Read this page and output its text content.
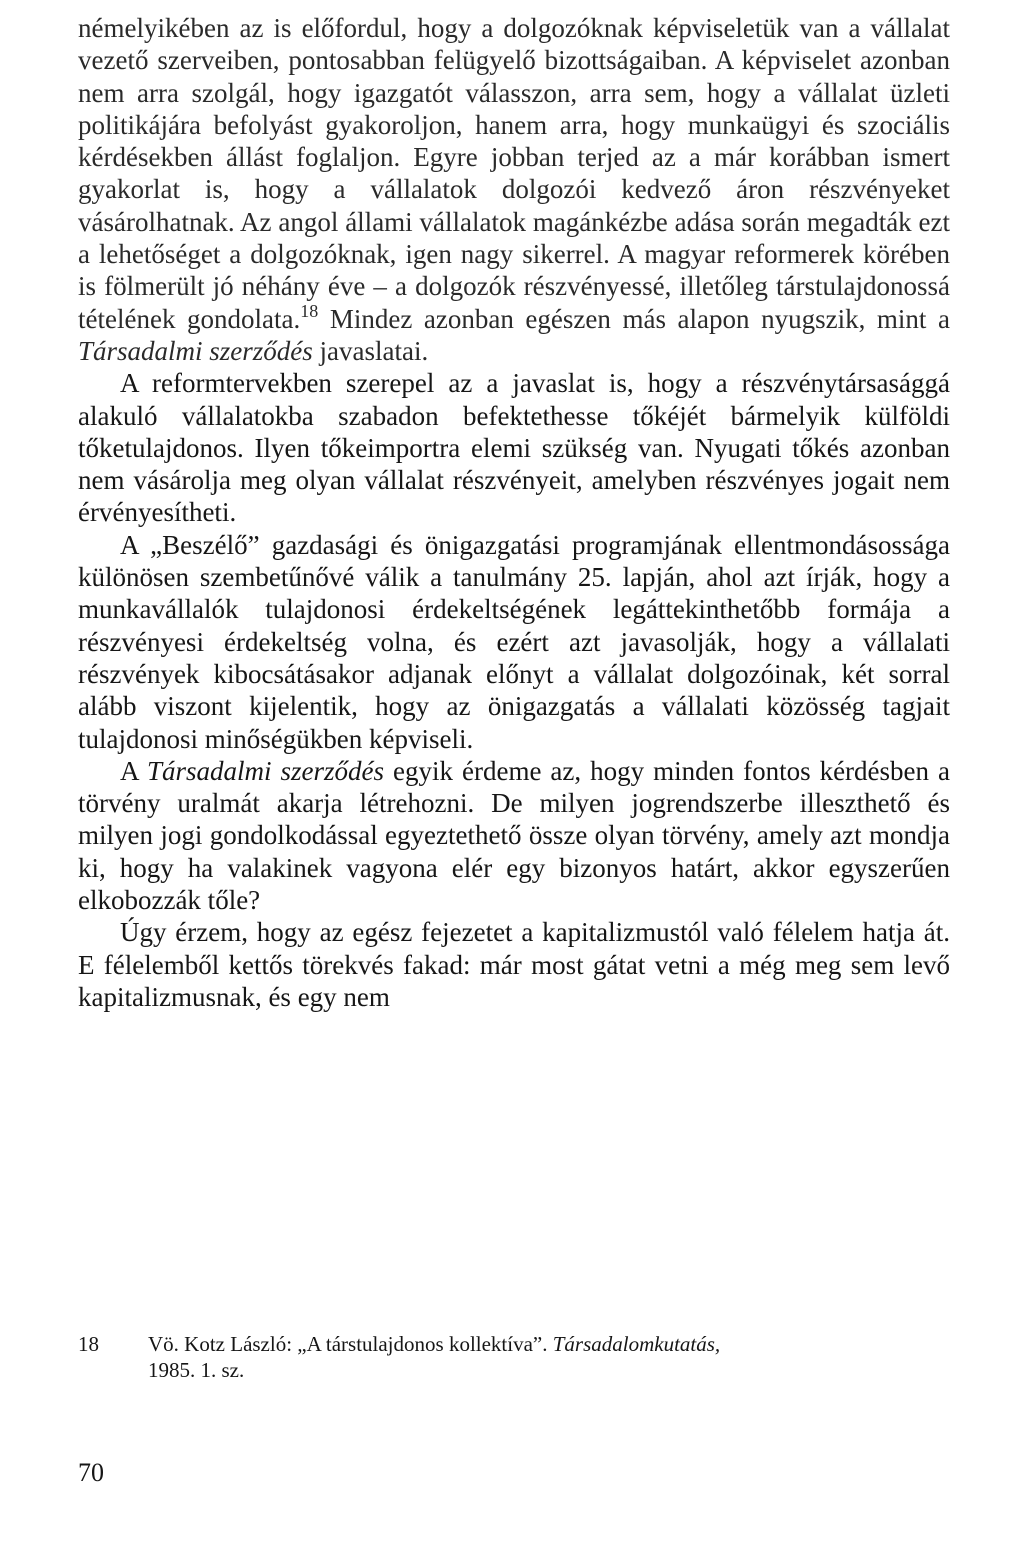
némelyikében az is előfordul, hogy a dolgozóknak képviseletük van a vállalat vezető szerveiben, pontosabban felügyelő bizottságaiban. A képviselet azonban nem arra szolgál, hogy igazgatót válasszon, arra sem, hogy a vállalat üzleti politikájára befolyást gyakoroljon, hanem arra, hogy munkaügyi és szociális kérdésekben állást foglaljon. Egyre jobban terjed az a már korábban ismert gyakorlat is, hogy a vállalatok dolgozói kedvező áron részvényeket vásárolhatnak. Az angol állami vállalatok magánkézbe adása során megadták ezt a lehetőséget a dolgozóknak, igen nagy sikerrel. A magyar reformerek körében is fölmerült jó néhány éve – a dolgozók részvényessé, illetőleg társtulajdonossá tételének gondolata.$^{18}$ Mindez azonban egészen más alapon nyugszik, mint a Társadalmi szerződés javaslatai.

A reformtervekben szerepel az a javaslat is, hogy a részvénytársasággá alakuló vállalatokba szabadon befektethesse tőkéjét bármelyik külföldi tőketulajdonos. Ilyen tőkeimportra elemi szükség van. Nyugati tőkés azonban nem vásárolja meg olyan vállalat részvényeit, amelyben részvényes jogait nem érvényesítheti.

A „Beszélő” gazdasági és önigazgatási programjának ellentmondásossága különösen szembetűnővé válik a tanulmány 25. lapján, ahol azt írják, hogy a munkavállalók tulajdonosi érdekeltségének legáttekinthetőbb formája a részvényesi érdekeltség volna, és ezért azt javasolják, hogy a vállalati részvények kibocsátásakor adjanak előnyt a vállalat dolgozóinak, két sorral alább viszont kijelentik, hogy az önigazgatás a vállalati közösség tagjait tulajdonosi minőségükben képviseli.

A Társadalmi szerződés egyik érdeme az, hogy minden fontos kérdésben a törvény uralmát akarja létrehozni. De milyen jogrendszerbe illeszthető és milyen jogi gondolkodással egyeztethető össze olyan törvény, amely azt mondja ki, hogy ha valakinek vagyona elér egy bizonyos határt, akkor egyszerűen elkobozzák tőle?

Úgy érzem, hogy az egész fejezetet a kapitalizmustól való félelem hatja át. E félelemből kettős törekvés fakad: már most gátat vetni a még meg sem levő kapitalizmusnak, és egy nem

18 Vö. Kotz László: „A társtulajdonos kollektíva”. Társadalomkutatás,
1985. 1. sz.
70
